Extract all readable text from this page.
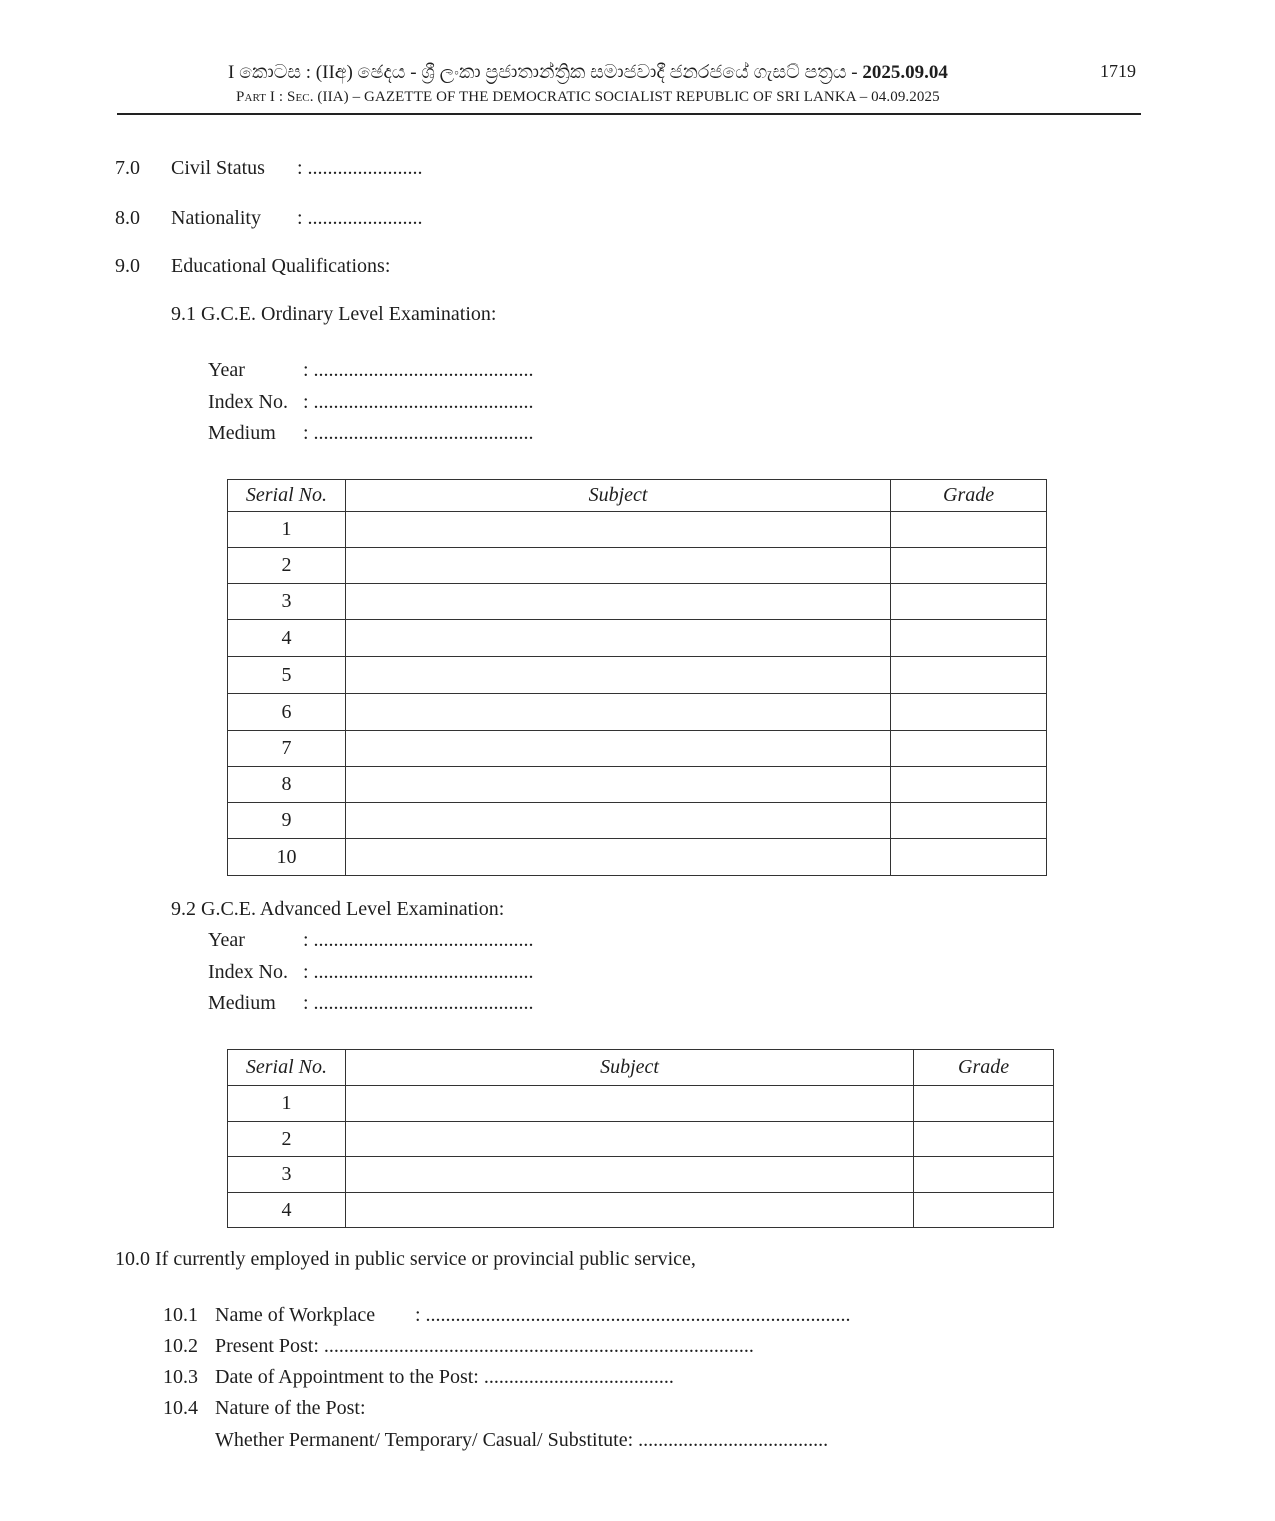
I කොටස : (IIඅ) ඡෙදය - ශ්‍රී ලංකා ප්‍රජාතාන්ත්‍රික සමාජවාදී ජනරජයේ ගැසට් පත්‍රය - 2025.09.04	1719
Part I : Sec. (IIA) – GAZETTE OF THE DEMOCRATIC SOCIALIST REPUBLIC OF SRI LANKA – 04.09.2025
7.0 Civil Status : .......................
8.0 Nationality : .......................
9.0 Educational Qualifications:
9.1 G.C.E. Ordinary Level Examination:
Year	: ............................................
Index No. : ............................................
Medium : ............................................
Serial No.	Subject	Grade
1		
2		
3		
4		
5		
6		
7		
8		
9		
10		
9.2 G.C.E. Advanced Level Examination:
Year	: ............................................
Index No. : ............................................
Medium : ............................................
Serial No.	Subject	Grade
1		
2		
3		
4		
10.0 If currently employed in public service or provincial public service,
10.1 Name of Workplace : .....................................................................................
10.2 Present Post: ......................................................................................
10.3 Date of Appointment to the Post: ......................................
10.4 Nature of the Post:
Whether Permanent/ Temporary/ Casual/ Substitute: ......................................
